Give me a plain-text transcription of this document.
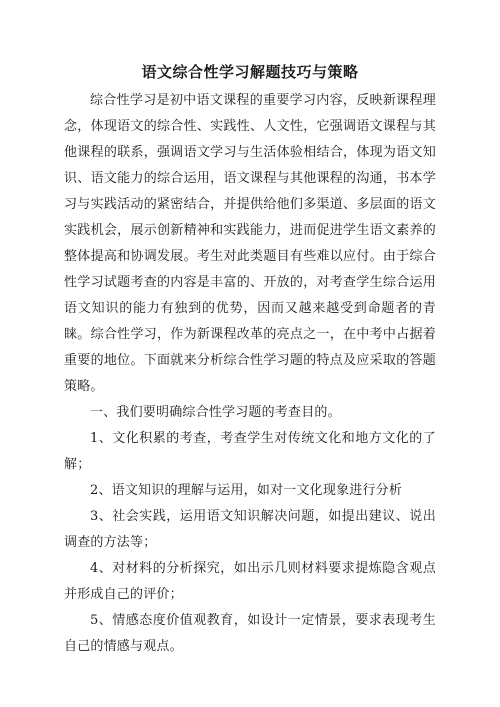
语文综合性学习解题技巧与策略

综合性学习是初中语文课程的重要学习内容，反映新课程理念，体现语文的综合性、实践性、人文性，它强调语文课程与其他课程的联系，强调语文学习与生活体验相结合，体现为语文知识、语文能力的综合运用，语文课程与其他课程的沟通，书本学习与实践活动的紧密结合，并提供给他们多渠道、多层面的语文实践机会，展示创新精神和实践能力，进而促进学生语文素养的整体提高和协调发展。考生对此类题目有些难以应付。由于综合性学习试题考查的内容是丰富的、开放的，对考查学生综合运用语文知识的能力有独到的优势，因而又越来越受到命题者的青睐。综合性学习，作为新课程改革的亮点之一，在中考中占据着重要的地位。下面就来分析综合性学习题的特点及应采取的答题策略。

一、我们要明确综合性学习题的考查目的。

1、文化积累的考查，考查学生对传统文化和地方文化的了解；

2、语文知识的理解与运用，如对一文化现象进行分析

3、社会实践，运用语文知识解决问题，如提出建议、说出调查的方法等；

4、对材料的分析探究，如出示几则材料要求提炼隐含观点并形成自己的评价；

5、情感态度价值观教育，如设计一定情景，要求表现考生自己的情感与观点。
